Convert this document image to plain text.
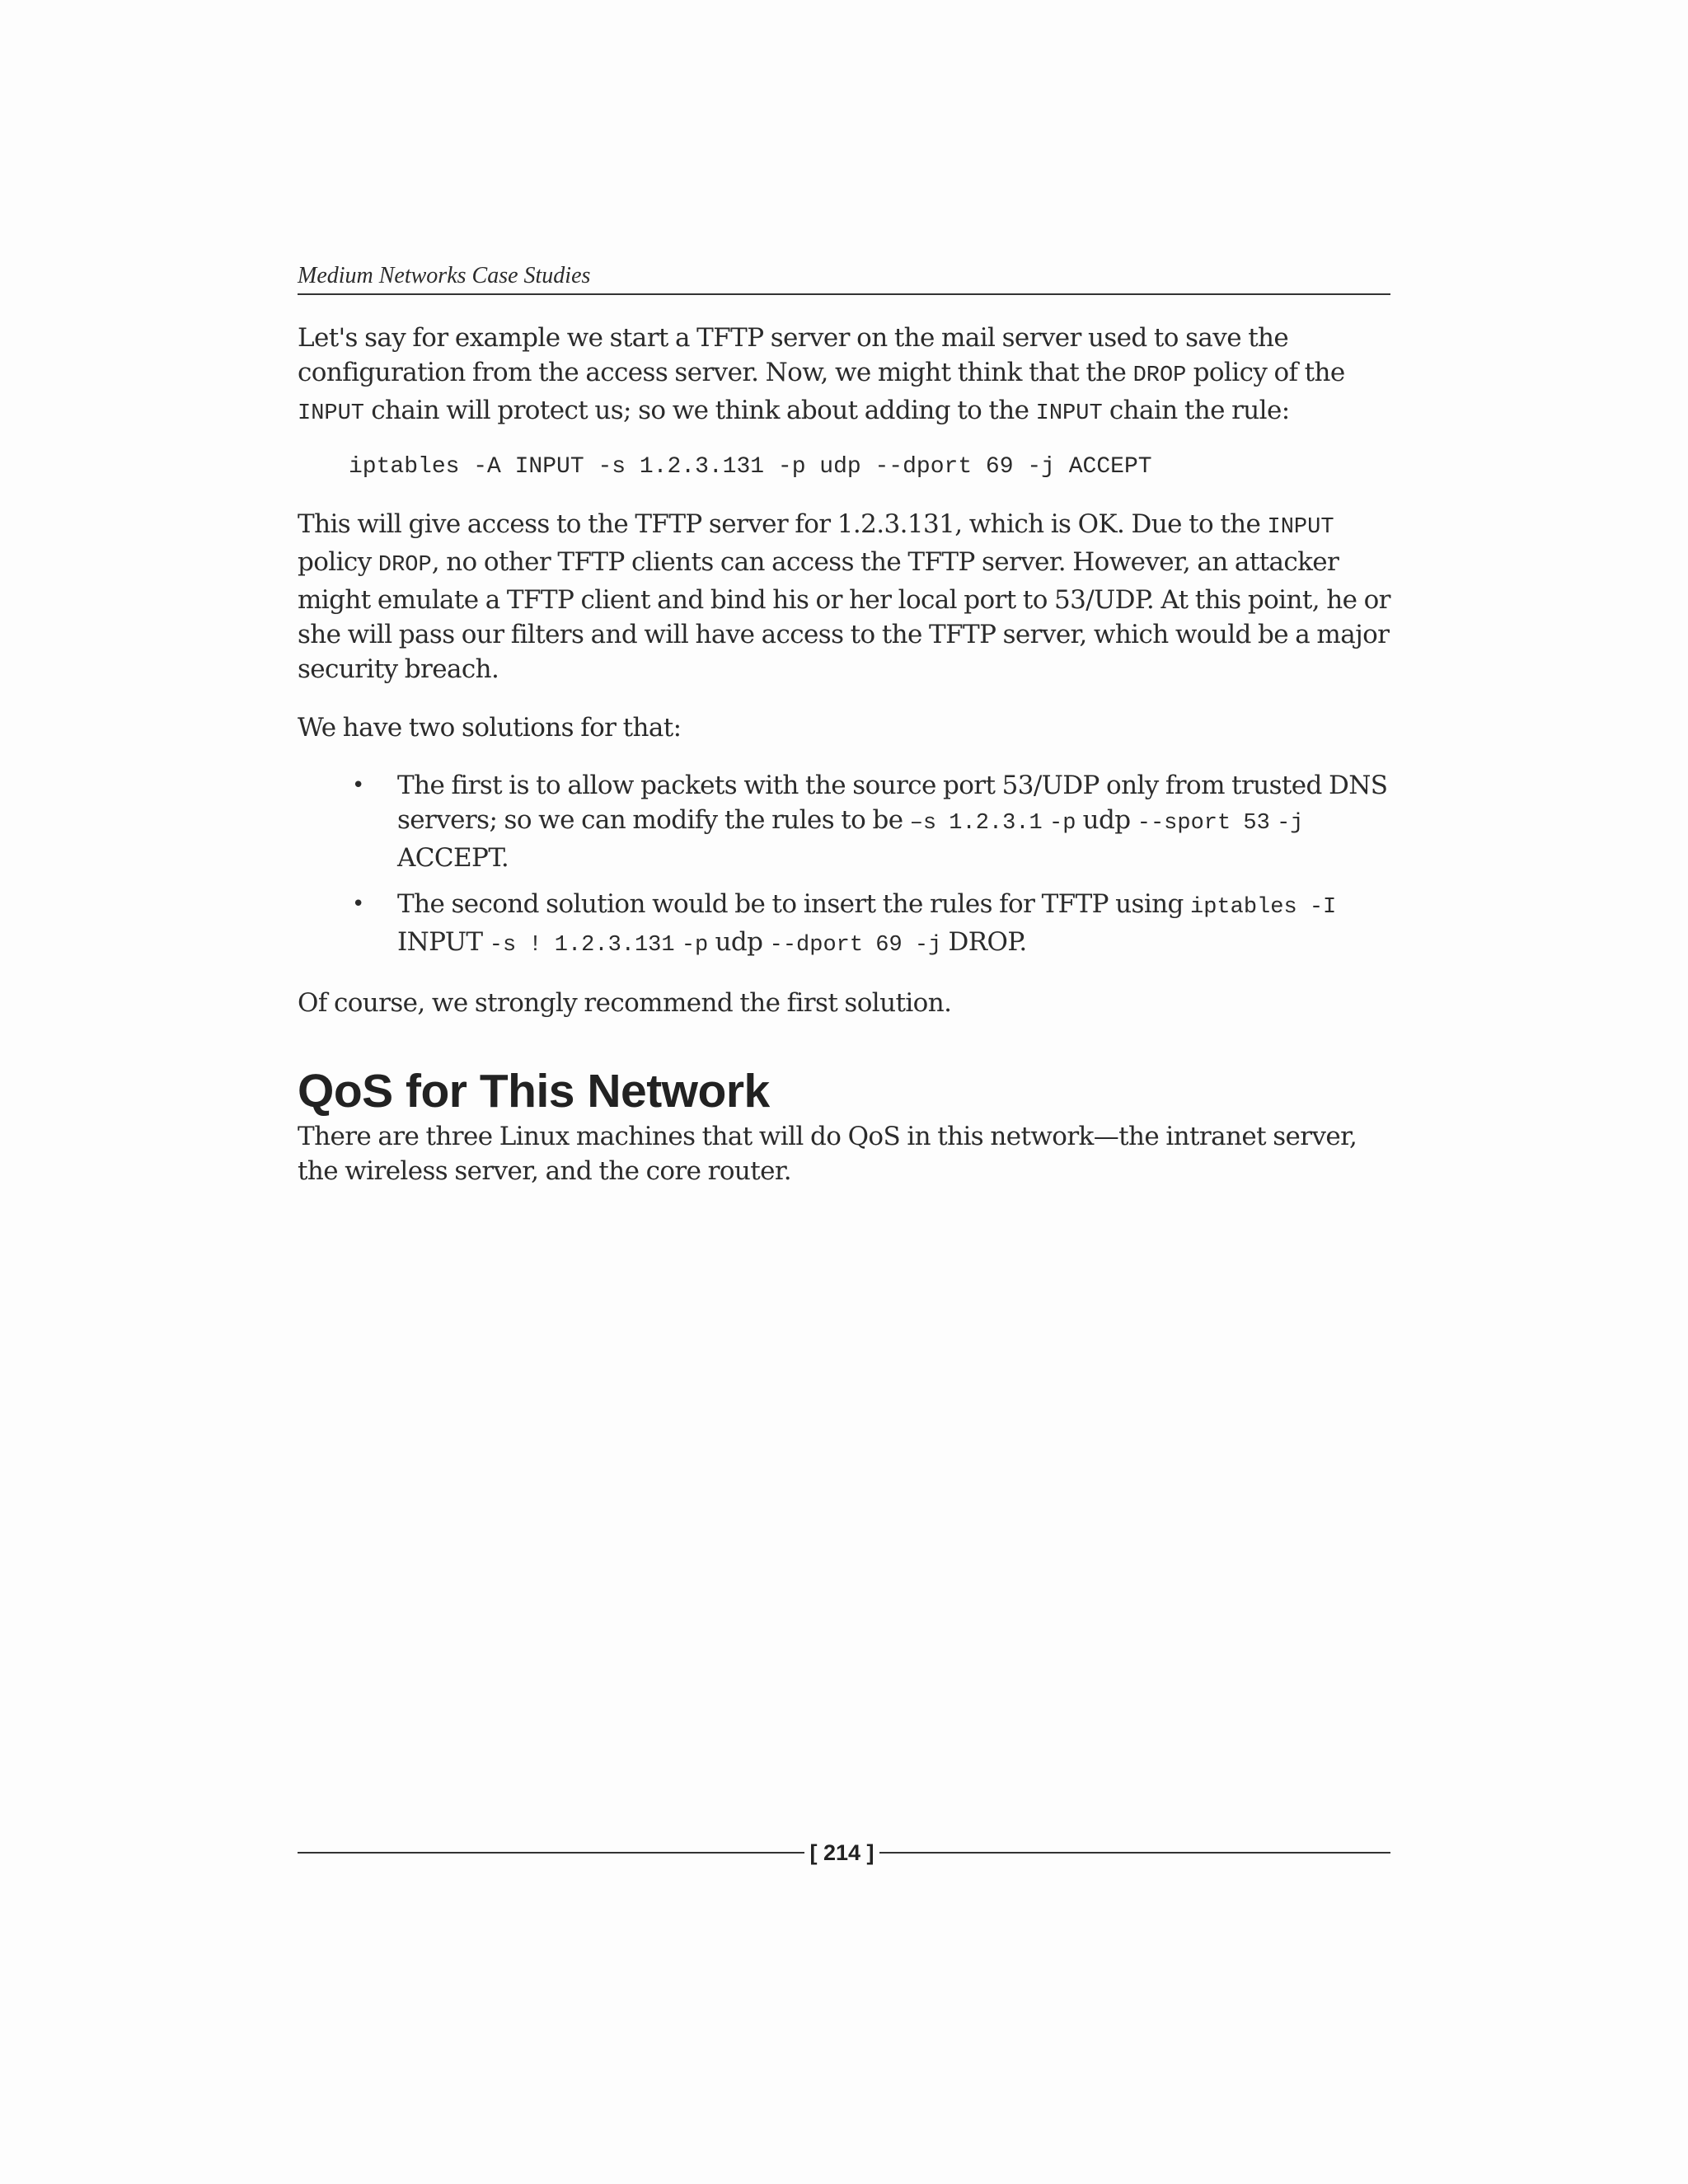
Medium Networks Case Studies

Let's say for example we start a TFTP server on the mail server used to save the configuration from the access server. Now, we might think that the DROP policy of the INPUT chain will protect us; so we think about adding to the INPUT chain the rule:

iptables -A INPUT -s 1.2.3.131 -p udp --dport 69 -j ACCEPT

This will give access to the TFTP server for 1.2.3.131, which is OK. Due to the INPUT policy DROP, no other TFTP clients can access the TFTP server. However, an attacker might emulate a TFTP client and bind his or her local port to 53/UDP. At this point, he or she will pass our filters and will have access to the TFTP server, which would be a major security breach.

We have two solutions for that:

• The first is to allow packets with the source port 53/UDP only from trusted DNS servers; so we can modify the rules to be –s 1.2.3.1 -p udp --sport 53 -j ACCEPT.
• The second solution would be to insert the rules for TFTP using iptables -I INPUT -s ! 1.2.3.131 -p udp --dport 69 -j DROP.

Of course, we strongly recommend the first solution.

QoS for This Network

There are three Linux machines that will do QoS in this network—the intranet server, the wireless server, and the core router.

[ 214 ]
